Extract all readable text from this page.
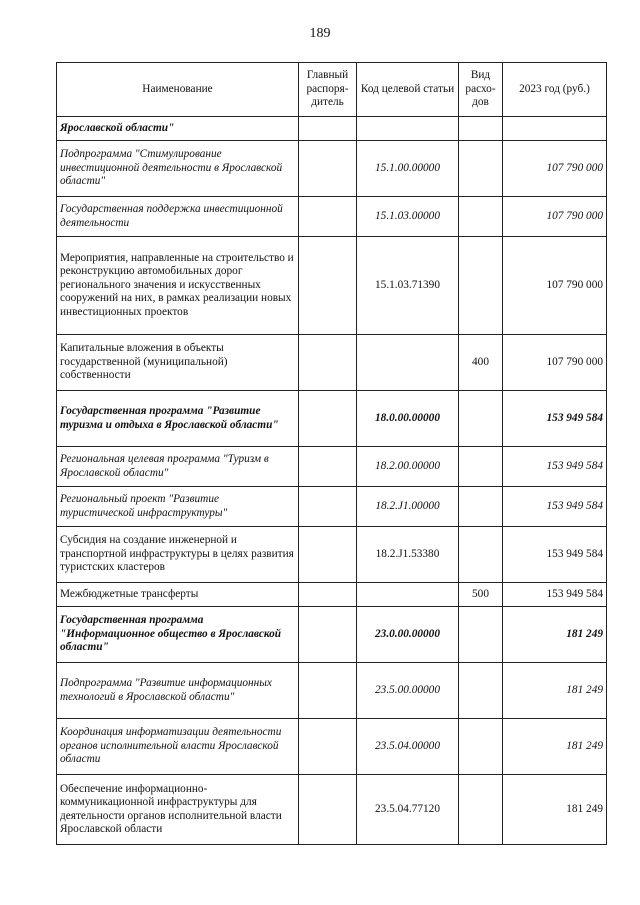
189
Наименование	Главный распоря-дитель	Код целевой статьи	Вид расхо-дов	2023 год (руб.)
Ярославской области"				
Подпрограмма "Стимулирование инвестиционной деятельности в Ярославской области"		15.1.00.00000		107 790 000
Государственная поддержка инвестиционной деятельности		15.1.03.00000		107 790 000
Мероприятия, направленные на строительство и реконструкцию автомобильных дорог регионального значения и искусственных сооружений на них, в рамках реализации новых инвестиционных проектов		15.1.03.71390		107 790 000
Капитальные вложения в объекты государственной (муниципальной) собственности			400	107 790 000
Государственная программа "Развитие туризма и отдыха в Ярославской области"		18.0.00.00000		153 949 584
Региональная целевая программа "Туризм в Ярославской области"		18.2.00.00000		153 949 584
Региональный проект "Развитие туристической инфраструктуры"		18.2.J1.00000		153 949 584
Субсидия на создание инженерной и транспортной инфраструктуры в целях развития туристских кластеров		18.2.J1.53380		153 949 584
Межбюджетные трансферты			500	153 949 584
Государственная программа "Информационное общество в Ярославской области"		23.0.00.00000		181 249
Подпрограмма "Развитие информационных технологий в Ярославской области"		23.5.00.00000		181 249
Координация информатизации деятельности органов исполнительной власти Ярославской области		23.5.04.00000		181 249
Обеспечение информационно-коммуникационной инфраструктуры для деятельности органов исполнительной власти Ярославской области		23.5.04.77120		181 249
